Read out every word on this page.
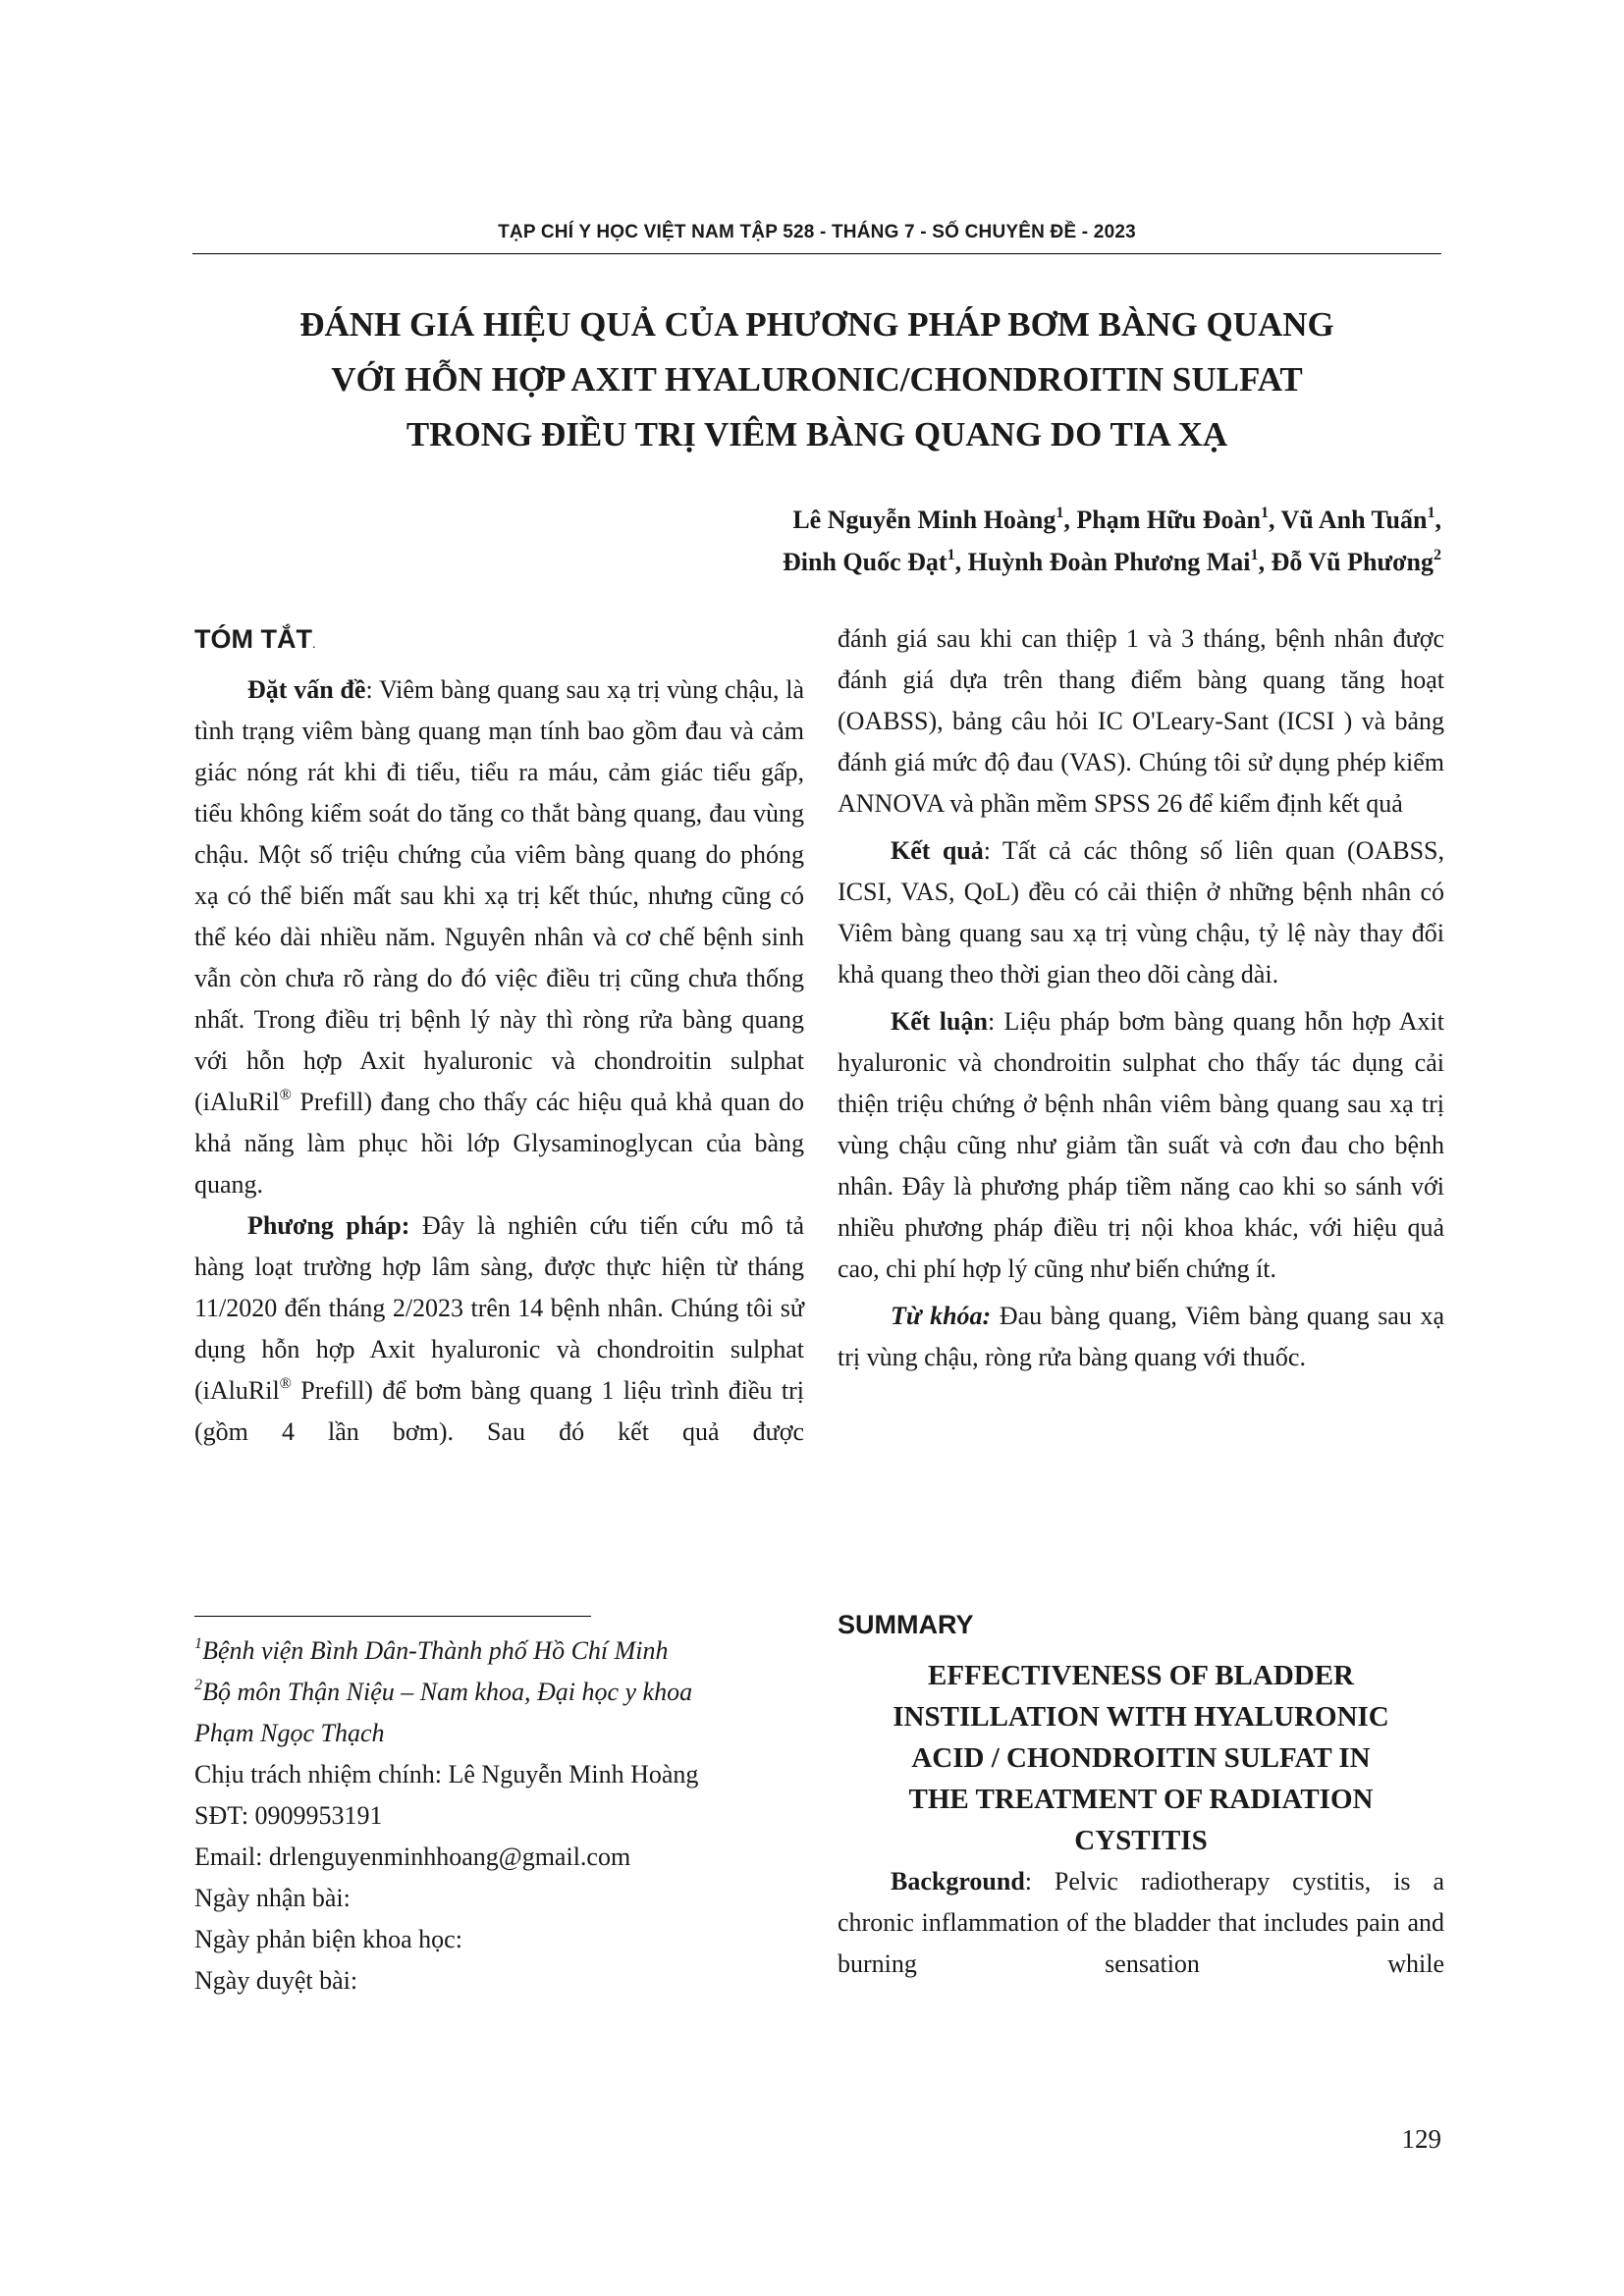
TẠP CHÍ Y HỌC VIỆT NAM TẬP 528 - THÁNG 7 - SỐ CHUYÊN ĐỀ - 2023
ĐÁNH GIÁ HIỆU QUẢ CỦA PHƯƠNG PHÁP BƠM BÀNG QUANG
VỚI HỖN HỢP AXIT HYALURONIC/CHONDROITIN SULFAT
TRONG ĐIỀU TRỊ VIÊM BÀNG QUANG DO TIA XẠ
Lê Nguyễn Minh Hoàng$^1$, Phạm Hữu Đoàn$^1$, Vũ Anh Tuấn$^1$,
Đinh Quốc Đạt$^1$, Huỳnh Đoàn Phương Mai$^1$, Đỗ Vũ Phương$^2$

TÓM TẮT.

Đặt vấn đề: Viêm bàng quang sau xạ trị vùng chậu, là tình trạng viêm bàng quang mạn tính bao gồm đau và cảm giác nóng rát khi đi tiểu, tiểu ra máu, cảm giác tiểu gấp, tiểu không kiểm soát do tăng co thắt bàng quang, đau vùng chậu. Một số triệu chứng của viêm bàng quang do phóng xạ có thể biến mất sau khi xạ trị kết thúc, nhưng cũng có thể kéo dài nhiều năm. Nguyên nhân và cơ chế bệnh sinh vẫn còn chưa rõ ràng do đó việc điều trị cũng chưa thống nhất. Trong điều trị bệnh lý này thì ròng rửa bàng quang với hỗn hợp Axit hyaluronic và chondroitin sulphat (iAluRil® Prefill) đang cho thấy các hiệu quả khả quan do khả năng làm phục hồi lớp Glysaminoglycan của bàng quang.

Phương pháp: Đây là nghiên cứu tiến cứu mô tả hàng loạt trường hợp lâm sàng, được thực hiện từ tháng 11/2020 đến tháng 2/2023 trên 14 bệnh nhân. Chúng tôi sử dụng hỗn hợp Axit hyaluronic và chondroitin sulphat (iAluRil® Prefill) để bơm bàng quang 1 liệu trình điều trị (gồm 4 lần bơm). Sau đó kết quả được

$^1$Bệnh viện Bình Dân-Thành phố Hồ Chí Minh
$^2$Bộ môn Thận Niệu – Nam khoa, Đại học y khoa
Phạm Ngọc Thạch
Chịu trách nhiệm chính: Lê Nguyễn Minh Hoàng
SĐT: 0909953191
Email: drlenguyenminhhoang@gmail.com
Ngày nhận bài:
Ngày phản biện khoa học:
Ngày duyệt bài:

đánh giá sau khi can thiệp 1 và 3 tháng, bệnh nhân được đánh giá dựa trên thang điểm bàng quang tăng hoạt (OABSS), bảng câu hỏi IC O'Leary-Sant (ICSI ) và bảng đánh giá mức độ đau (VAS). Chúng tôi sử dụng phép kiểm ANNOVA và phần mềm SPSS 26 để kiểm định kết quả

Kết quả: Tất cả các thông số liên quan (OABSS, ICSI, VAS, QoL) đều có cải thiện ở những bệnh nhân có Viêm bàng quang sau xạ trị vùng chậu, tỷ lệ này thay đổi khả quang theo thời gian theo dõi càng dài.

Kết luận: Liệu pháp bơm bàng quang hỗn hợp Axit hyaluronic và chondroitin sulphat cho thấy tác dụng cải thiện triệu chứng ở bệnh nhân viêm bàng quang sau xạ trị vùng chậu cũng như giảm tần suất và cơn đau cho bệnh nhân. Đây là phương pháp tiềm năng cao khi so sánh với nhiều phương pháp điều trị nội khoa khác, với hiệu quả cao, chi phí hợp lý cũng như biến chứng ít.

Từ khóa: Đau bàng quang, Viêm bàng quang sau xạ trị vùng chậu, ròng rửa bàng quang với thuốc.

SUMMARY
EFFECTIVENESS OF BLADDER
INSTILLATION WITH HYALURONIC
ACID / CHONDROITIN SULFAT IN
THE TREATMENT OF RADIATION
CYSTITIS

Background: Pelvic radiotherapy cystitis, is a chronic inflammation of the bladder that includes pain and burning sensation while

129
